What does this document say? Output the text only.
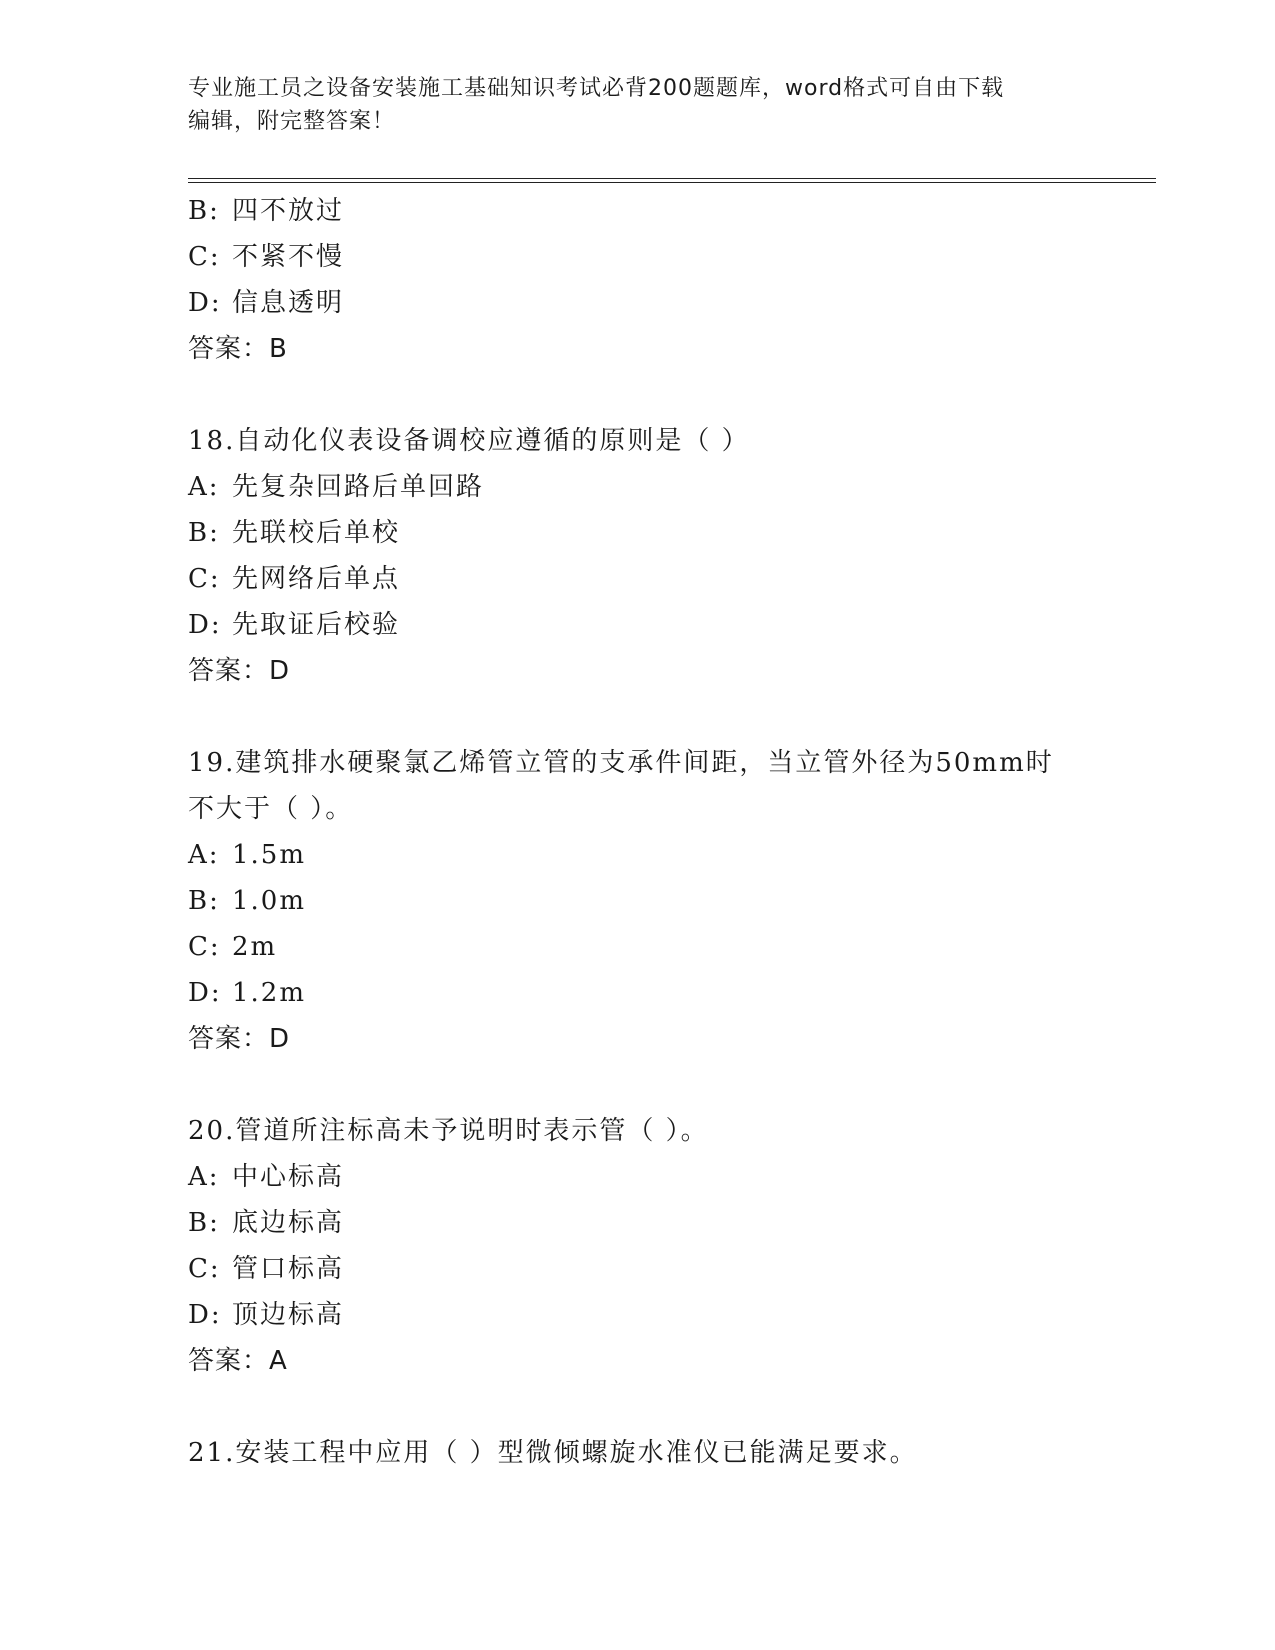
专业施工员之设备安装施工基础知识考试必背200题题库，word格式可自由下载
编辑，附完整答案！
B: 四不放过
C: 不紧不慢
D: 信息透明
答案：B
18.自动化仪表设备调校应遵循的原则是（ ）
A: 先复杂回路后单回路
B: 先联校后单校
C: 先网络后单点
D: 先取证后校验
答案：D
19.建筑排水硬聚氯乙烯管立管的支承件间距，当立管外径为50mm时
不大于（ ）。
A: 1.5m
B: 1.0m
C: 2m
D: 1.2m
答案：D
20.管道所注标高未予说明时表示管（ ）。
A: 中心标高
B: 底边标高
C: 管口标高
D: 顶边标高
答案：A
21.安装工程中应用（ ）型微倾螺旋水准仪已能满足要求。
